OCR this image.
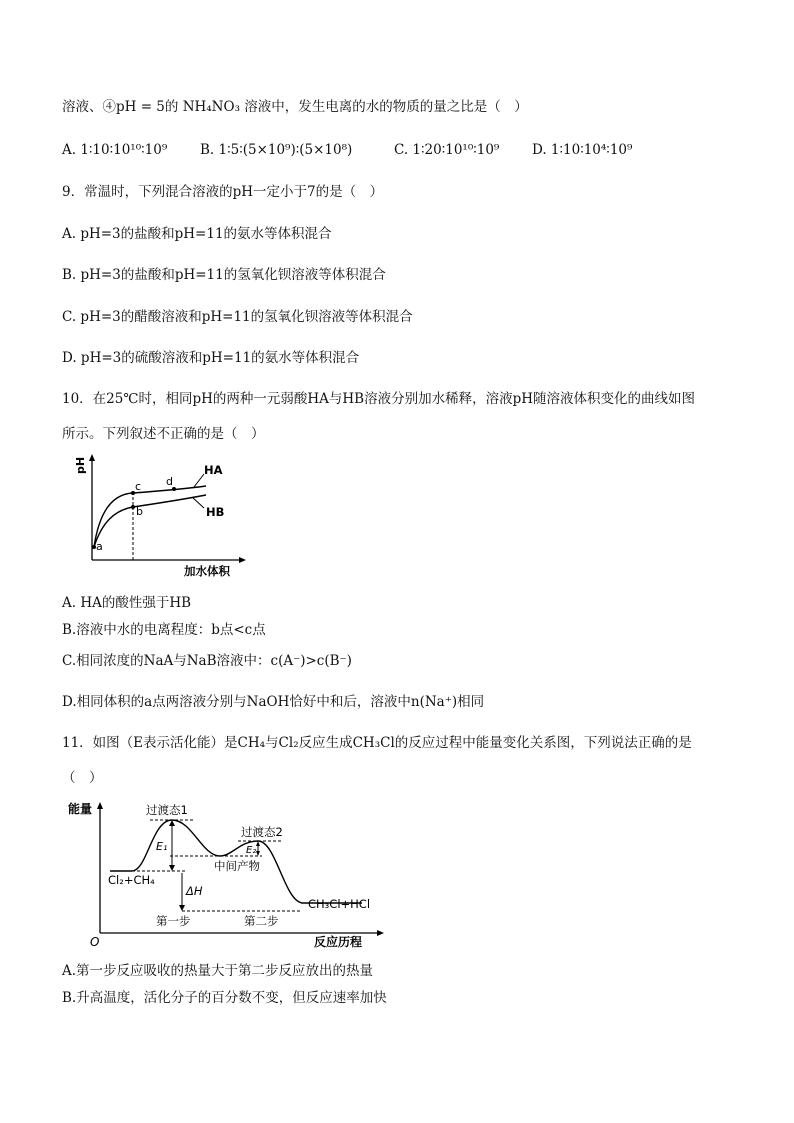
溶液、④pH = 5的 NH₄NO₃ 溶液中，发生电离的水的物质的量之比是（　）
A. 1∶10∶10¹⁰∶10⁹ B. 1∶5∶(5×10⁹)∶(5×10⁸)	C. 1∶20∶10¹⁰∶10⁹ D. 1∶10∶10⁴∶10⁹
9．常温时，下列混合溶液的pH一定小于7的是（　）
A. pH=3的盐酸和pH=11的氨水等体积混合
B. pH=3的盐酸和pH=11的氢氧化钡溶液等体积混合
C. pH=3的醋酸溶液和pH=11的氢氧化钡溶液等体积混合
D. pH=3的硫酸溶液和pH=11的氨水等体积混合
10．在25℃时，相同pH的两种一元弱酸HA与HB溶液分别加水稀释，溶液pH随溶液体积变化的曲线如图
所示。下列叙述不正确的是（　）
pH
加水体积
a
b
c d
HA
HB
A. HA的酸性强于HB
B.溶液中水的电离程度：b点<c点
C.相同浓度的NaA与NaB溶液中：c(A⁻)>c(B⁻)
D.相同体积的a点两溶液分别与NaOH恰好中和后，溶液中n(Na⁺)相同
11．如图（E表示活化能）是CH₄与Cl₂反应生成CH₃Cl的反应过程中能量变化关系图，下列说法正确的是
（　）
能量
反应历程
O
过渡态1
过渡态2
E₁	E₂
中间产物
Cl₂+CH₄
ΔH
CH₃Cl+HCl
第一步	第二步
A.第一步反应吸收的热量大于第二步反应放出的热量
B.升高温度，活化分子的百分数不变，但反应速率加快
